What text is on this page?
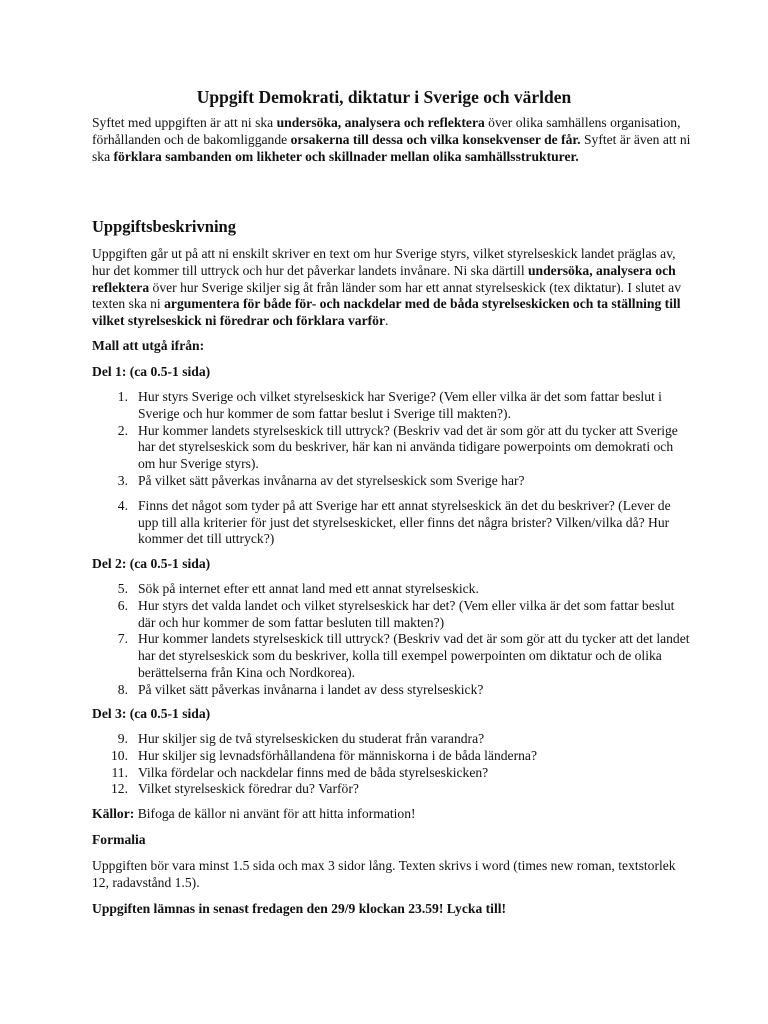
Uppgift Demokrati, diktatur i Sverige och världen

Syftet med uppgiften är att ni ska undersöka, analysera och reflektera över olika samhällens organisation, förhållanden och de bakomliggande orsakerna till dessa och vilka konsekvenser de får. Syftet är även att ni ska förklara sambanden om likheter och skillnader mellan olika samhällsstrukturer.

Uppgiftsbeskrivning

Uppgiften går ut på att ni enskilt skriver en text om hur Sverige styrs, vilket styrelseskick landet präglas av, hur det kommer till uttryck och hur det påverkar landets invånare. Ni ska därtill undersöka, analysera och reflektera över hur Sverige skiljer sig åt från länder som har ett annat styrelseskick (tex diktatur). I slutet av texten ska ni argumentera för både för- och nackdelar med de båda styrelseskicken och ta ställning till vilket styrelseskick ni föredrar och förklara varför.

Mall att utgå ifrån:

Del 1: (ca 0.5-1 sida)

1. Hur styrs Sverige och vilket styrelseskick har Sverige? (Vem eller vilka är det som fattar beslut i Sverige och hur kommer de som fattar beslut i Sverige till makten?).
2. Hur kommer landets styrelseskick till uttryck? (Beskriv vad det är som gör att du tycker att Sverige har det styrelseskick som du beskriver, här kan ni använda tidigare powerpoints om demokrati och om hur Sverige styrs).
3. På vilket sätt påverkas invånarna av det styrelseskick som Sverige har?
4. Finns det något som tyder på att Sverige har ett annat styrelseskick än det du beskriver? (Lever de upp till alla kriterier för just det styrelseskicket, eller finns det några brister? Vilken/vilka då? Hur kommer det till uttryck?)

Del 2: (ca 0.5-1 sida)

5. Sök på internet efter ett annat land med ett annat styrelseskick.
6. Hur styrs det valda landet och vilket styrelseskick har det? (Vem eller vilka är det som fattar beslut där och hur kommer de som fattar besluten till makten?)
7. Hur kommer landets styrelseskick till uttryck? (Beskriv vad det är som gör att du tycker att det landet har det styrelseskick som du beskriver, kolla till exempel powerpointen om diktatur och de olika berättelserna från Kina och Nordkorea).
8. På vilket sätt påverkas invånarna i landet av dess styrelseskick?

Del 3: (ca 0.5-1 sida)

9. Hur skiljer sig de två styrelseskicken du studerat från varandra?
10. Hur skiljer sig levnadsförhållandena för människorna i de båda länderna?
11. Vilka fördelar och nackdelar finns med de båda styrelseskicken?
12. Vilket styrelseskick föredrar du? Varför?

Källor: Bifoga de källor ni använt för att hitta information!

Formalia

Uppgiften bör vara minst 1.5 sida och max 3 sidor lång. Texten skrivs i word (times new roman, textstorlek 12, radavstånd 1.5).

Uppgiften lämnas in senast fredagen den 29/9 klockan 23.59! Lycka till!
